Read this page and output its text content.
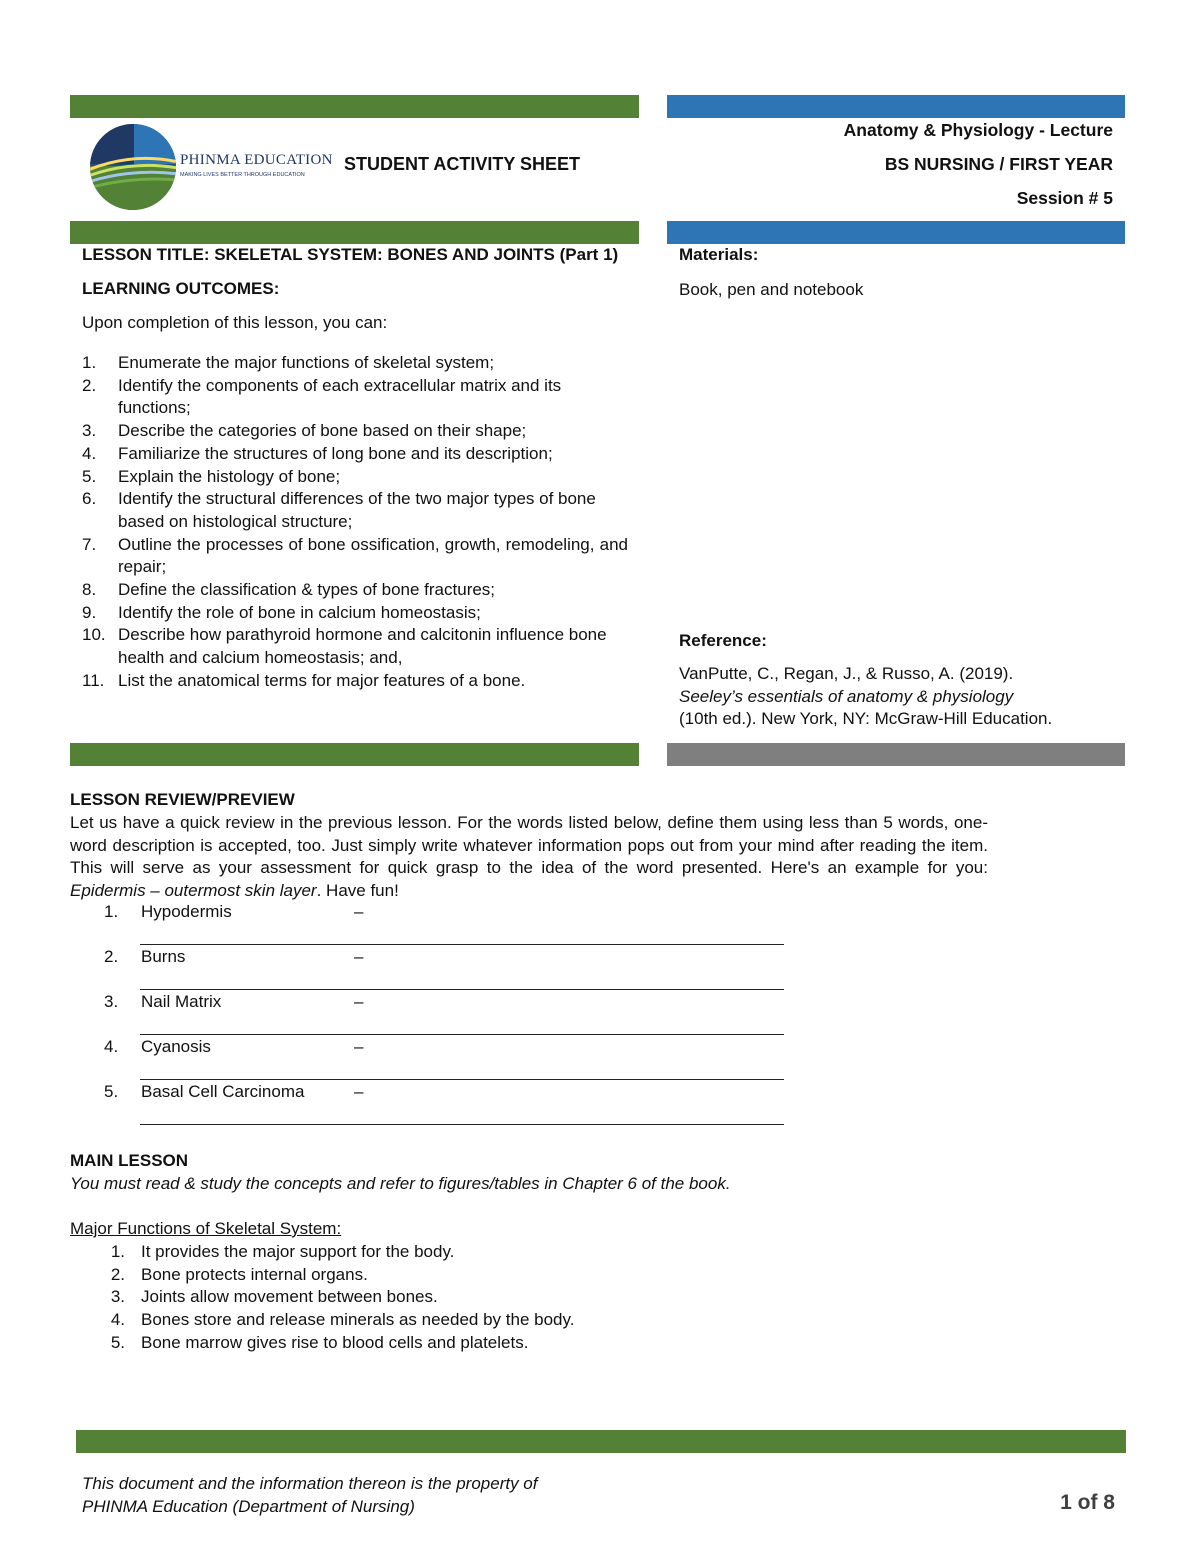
PHINMA EDUCATION
MAKING LIVES BETTER THROUGH EDUCATION
STUDENT ACTIVITY SHEET
Anatomy & Physiology - Lecture
BS NURSING / FIRST YEAR
Session # 5
LESSON TITLE: SKELETAL SYSTEM: BONES AND JOINTS (Part 1)
LEARNING OUTCOMES:
Upon completion of this lesson, you can:
1. Enumerate the major functions of skeletal system;
2. Identify the components of each extracellular matrix and its functions;
3. Describe the categories of bone based on their shape;
4. Familiarize the structures of long bone and its description;
5. Explain the histology of bone;
6. Identify the structural differences of the two major types of bone based on histological structure;
7. Outline the processes of bone ossification, growth, remodeling, and repair;
8. Define the classification & types of bone fractures;
9. Identify the role of bone in calcium homeostasis;
10. Describe how parathyroid hormone and calcitonin influence bone health and calcium homeostasis; and,
11. List the anatomical terms for major features of a bone.
Materials:
Book, pen and notebook
Reference:
VanPutte, C., Regan, J., & Russo, A. (2019).
Seeley’s essentials of anatomy & physiology
(10th ed.). New York, NY: McGraw-Hill Education.
LESSON REVIEW/PREVIEW
Let us have a quick review in the previous lesson. For the words listed below, define them using less than 5 words, one-word description is accepted, too. Just simply write whatever information pops out from your mind after reading the item. This will serve as your assessment for quick grasp to the idea of the word presented. Here's an example for you: Epidermis – outermost skin layer. Have fun!
1. Hypodermis	–
2. Burns	–
3. Nail Matrix	–
4. Cyanosis	–
5. Basal Cell Carcinoma	–
MAIN LESSON
You must read & study the concepts and refer to figures/tables in Chapter 6 of the book.
Major Functions of Skeletal System:
1. It provides the major support for the body.
2. Bone protects internal organs.
3. Joints allow movement between bones.
4. Bones store and release minerals as needed by the body.
5. Bone marrow gives rise to blood cells and platelets.
This document and the information thereon is the property of
PHINMA Education (Department of Nursing)	1 of 8
